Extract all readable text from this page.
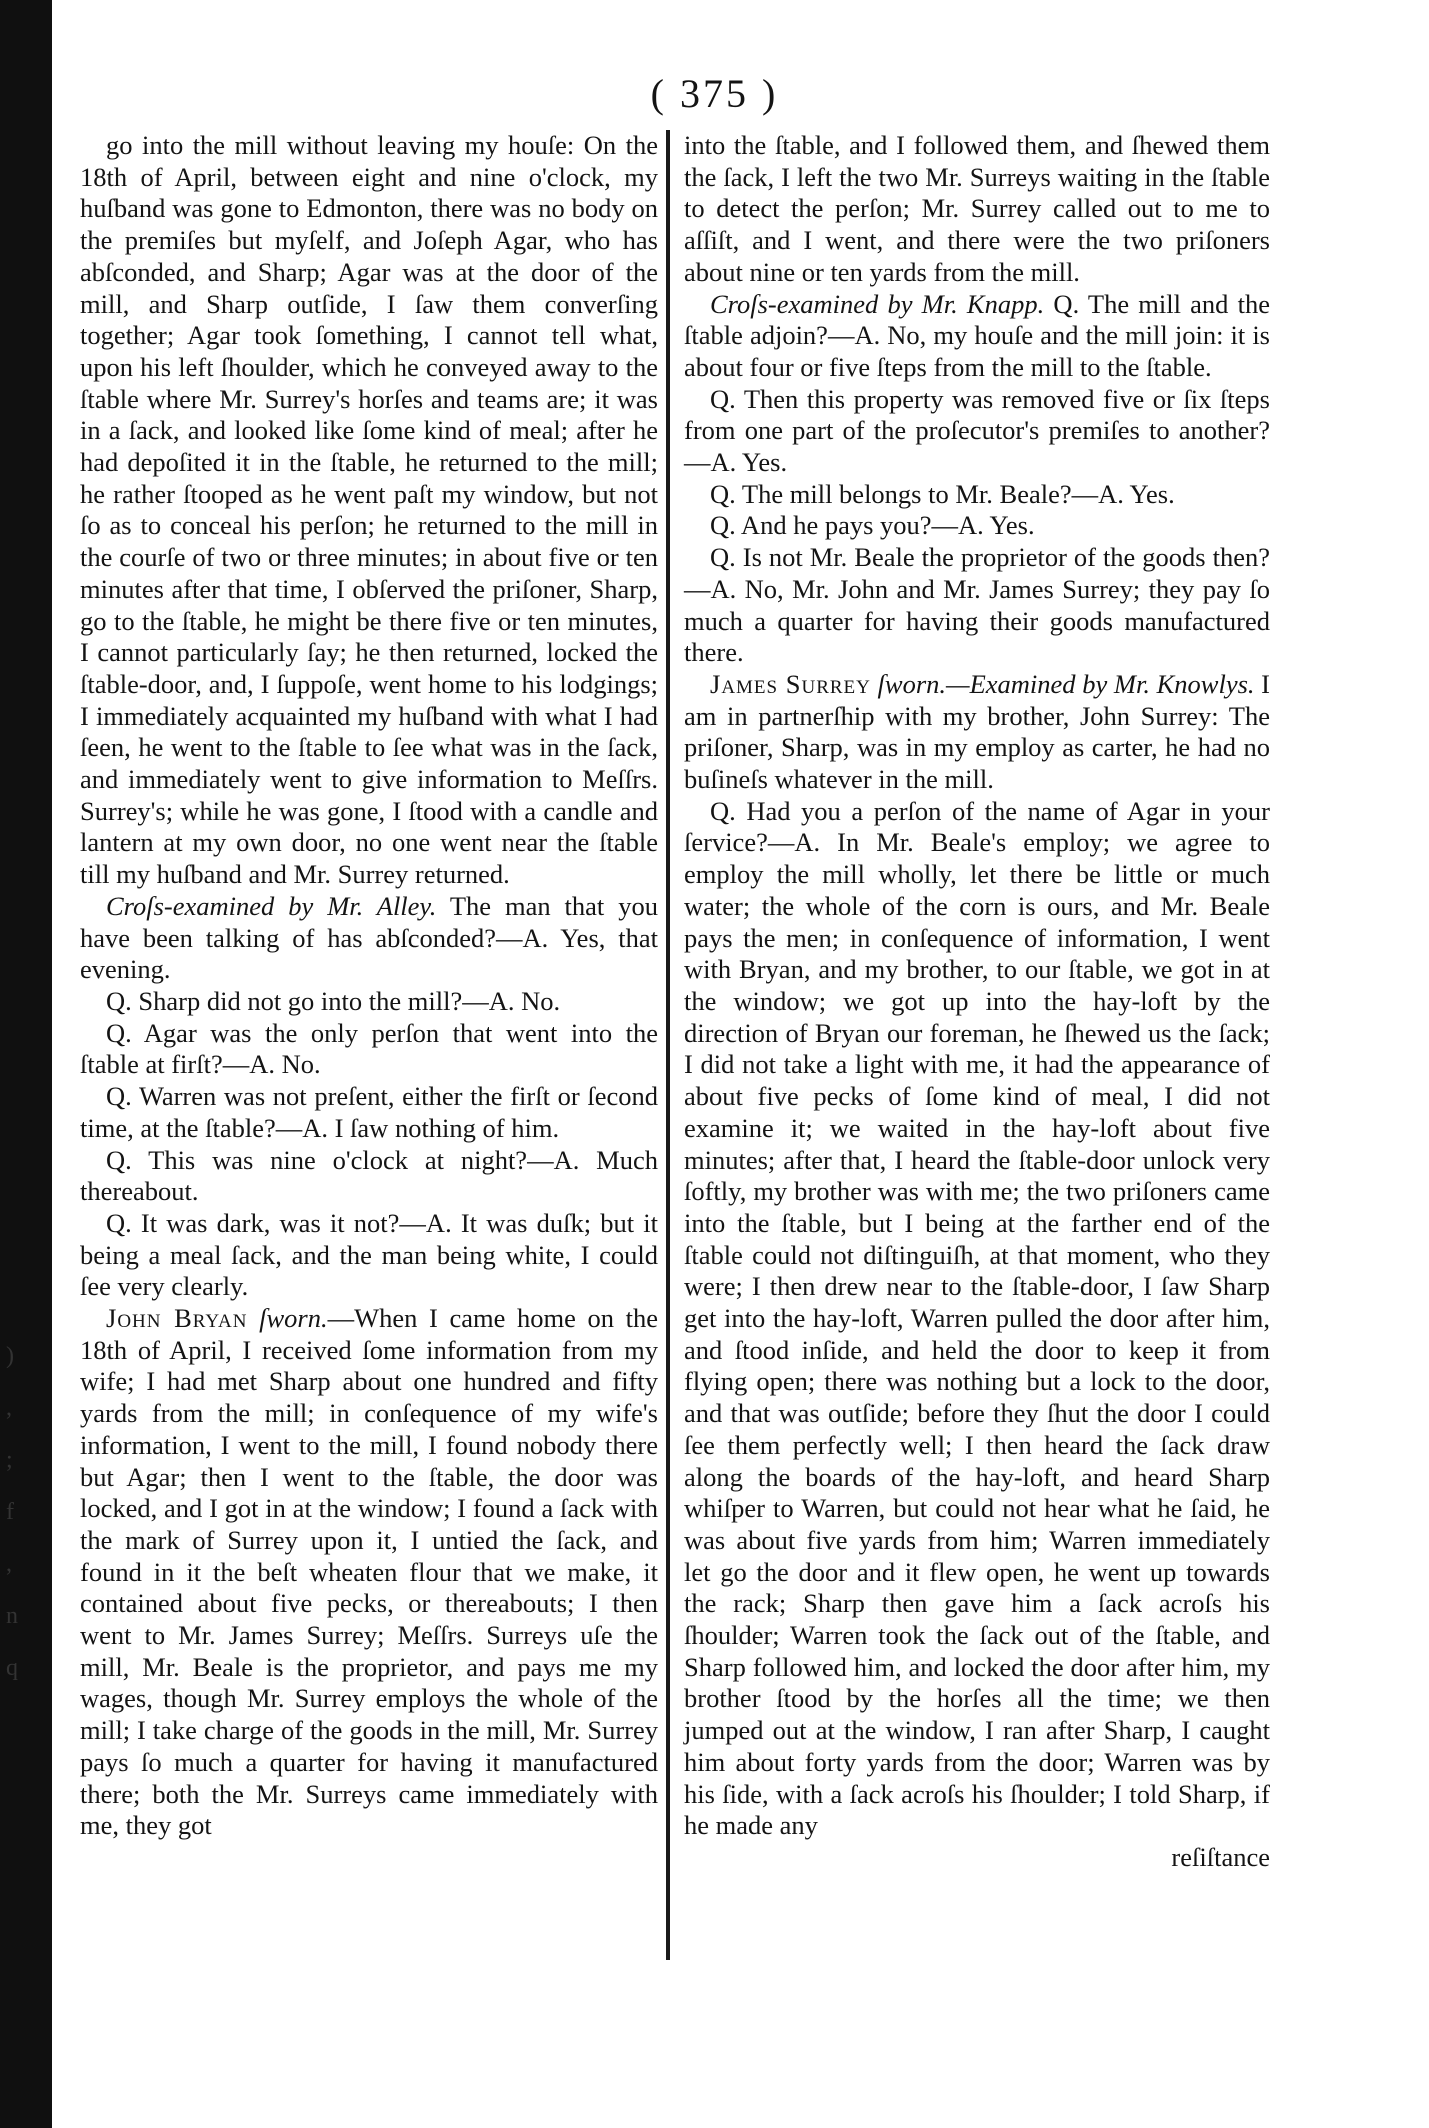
( 375 )

go into the mill without leaving my houſe: On the 18th of April, between eight and nine o'clock, my huſband was gone to Edmonton, there was no body on the premiſes but myſelf, and Joſeph Agar, who has abſconded, and Sharp; Agar was at the door of the mill, and Sharp outſide, I ſaw them converſing together; Agar took ſomething, I cannot tell what, upon his left ſhoulder, which he conveyed away to the ſtable where Mr. Surrey's horſes and teams are; it was in a ſack, and looked like ſome kind of meal; after he had depoſited it in the ſtable, he returned to the mill; he rather ſtooped as he went paſt my window, but not ſo as to conceal his perſon; he returned to the mill in the courſe of two or three minutes; in about five or ten minutes after that time, I obſerved the priſoner, Sharp, go to the ſtable, he might be there five or ten minutes, I cannot particularly ſay; he then returned, locked the ſtable-door, and, I ſuppoſe, went home to his lodgings; I immediately acquainted my huſband with what I had ſeen, he went to the ſtable to ſee what was in the ſack, and immediately went to give information to Meſſrs. Surrey's; while he was gone, I ſtood with a candle and lantern at my own door, no one went near the ſtable till my huſband and Mr. Surrey returned.

Croſs-examined by Mr. Alley. The man that you have been talking of has abſconded?—A. Yes, that evening.

Q. Sharp did not go into the mill?—A. No.

Q. Agar was the only perſon that went into the ſtable at firſt?—A. No.

Q. Warren was not preſent, either the firſt or ſecond time, at the ſtable?—A. I ſaw nothing of him.

Q. This was nine o'clock at night?—A. Much thereabout.

Q. It was dark, was it not?—A. It was duſk; but it being a meal ſack, and the man being white, I could ſee very clearly.

John Bryan ſworn.—When I came home on the 18th of April, I received ſome information from my wife; I had met Sharp about one hundred and fifty yards from the mill; in conſequence of my wife's information, I went to the mill, I found nobody there but Agar; then I went to the ſtable, the door was locked, and I got in at the window; I found a ſack with the mark of Surrey upon it, I untied the ſack, and found in it the beſt wheaten flour that we make, it contained about five pecks, or thereabouts; I then went to Mr. James Surrey; Meſſrs. Surreys uſe the mill, Mr. Beale is the proprietor, and pays me my wages, though Mr. Surrey employs the whole of the mill; I take charge of the goods in the mill, Mr. Surrey pays ſo much a quarter for having it manufactured there; both the Mr. Surreys came immediately with me, they got

into the ſtable, and I followed them, and ſhewed them the ſack, I left the two Mr. Surreys waiting in the ſtable to detect the perſon; Mr. Surrey called out to me to aſſiſt, and I went, and there were the two priſoners about nine or ten yards from the mill.

Croſs-examined by Mr. Knapp. Q. The mill and the ſtable adjoin?—A. No, my houſe and the mill join: it is about four or five ſteps from the mill to the ſtable.

Q. Then this property was removed five or ſix ſteps from one part of the proſecutor's premiſes to another?—A. Yes.

Q. The mill belongs to Mr. Beale?—A. Yes.

Q. And he pays you?—A. Yes.

Q. Is not Mr. Beale the proprietor of the goods then?—A. No, Mr. John and Mr. James Surrey; they pay ſo much a quarter for having their goods manufactured there.

James Surrey ſworn.—Examined by Mr. Knowlys. I am in partnerſhip with my brother, John Surrey: The priſoner, Sharp, was in my employ as carter, he had no buſineſs whatever in the mill.

Q. Had you a perſon of the name of Agar in your ſervice?—A. In Mr. Beale's employ; we agree to employ the mill wholly, let there be little or much water; the whole of the corn is ours, and Mr. Beale pays the men; in conſequence of information, I went with Bryan, and my brother, to our ſtable, we got in at the window; we got up into the hay-loft by the direction of Bryan our foreman, he ſhewed us the ſack; I did not take a light with me, it had the appearance of about five pecks of ſome kind of meal, I did not examine it; we waited in the hay-loft about five minutes; after that, I heard the ſtable-door unlock very ſoftly, my brother was with me; the two priſoners came into the ſtable, but I being at the farther end of the ſtable could not diſtinguiſh, at that moment, who they were; I then drew near to the ſtable-door, I ſaw Sharp get into the hay-loft, Warren pulled the door after him, and ſtood inſide, and held the door to keep it from flying open; there was nothing but a lock to the door, and that was outſide; before they ſhut the door I could ſee them perfectly well; I then heard the ſack draw along the boards of the hay-loft, and heard Sharp whiſper to Warren, but could not hear what he ſaid, he was about five yards from him; Warren immediately let go the door and it flew open, he went up towards the rack; Sharp then gave him a ſack acroſs his ſhoulder; Warren took the ſack out of the ſtable, and Sharp followed him, and locked the door after him, my brother ſtood by the horſes all the time; we then jumped out at the window, I ran after Sharp, I caught him about forty yards from the door; Warren was by his ſide, with a ſack acroſs his ſhoulder; I told Sharp, if he made any

reſiſtance

)
,
;
f
,
n
q
